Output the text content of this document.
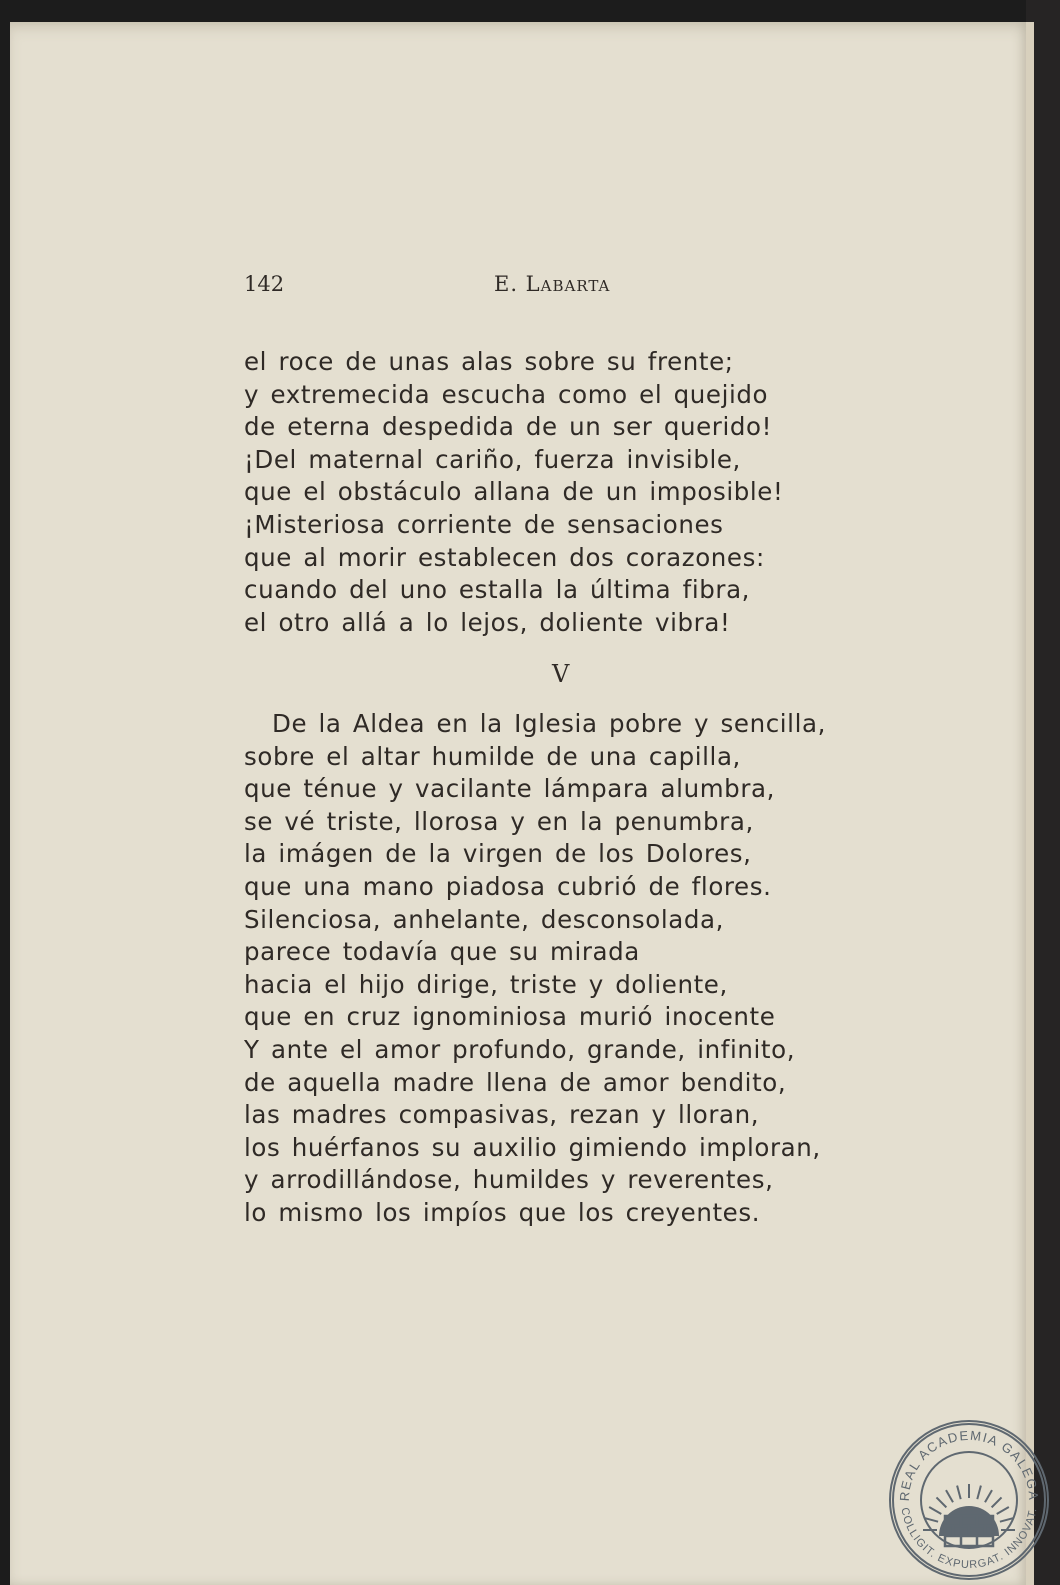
142	E. Labarta
el roce de unas alas sobre su frente;
y extremecida escucha como el quejido
de eterna despedida de un ser querido!
¡Del maternal cariño, fuerza invisible,
que el obstáculo allana de un imposible!
¡Misteriosa corriente de sensaciones
que al morir establecen dos corazones:
cuando del uno estalla la última fibra,
el otro allá a lo lejos, doliente vibra!
V
De la Aldea en la Iglesia pobre y sencilla,
sobre el altar humilde de una capilla,
que ténue y vacilante lámpara alumbra,
se vé triste, llorosa y en la penumbra,
la imágen de la virgen de los Dolores,
que una mano piadosa cubrió de flores.
Silenciosa, anhelante, desconsolada,
parece todavía que su mirada
hacia el hijo dirige, triste y doliente,
que en cruz ignominiosa murió inocente
Y ante el amor profundo, grande, infinito,
de aquella madre llena de amor bendito,
las madres compasivas, rezan y lloran,
los huérfanos su auxilio gimiendo imploran,
y arrodillándose, humildes y reverentes,
lo mismo los impíos que los creyentes.
REAL ACADEMIA GALEGA
COLLIGIT. EXPURGAT. INNOVAT.
